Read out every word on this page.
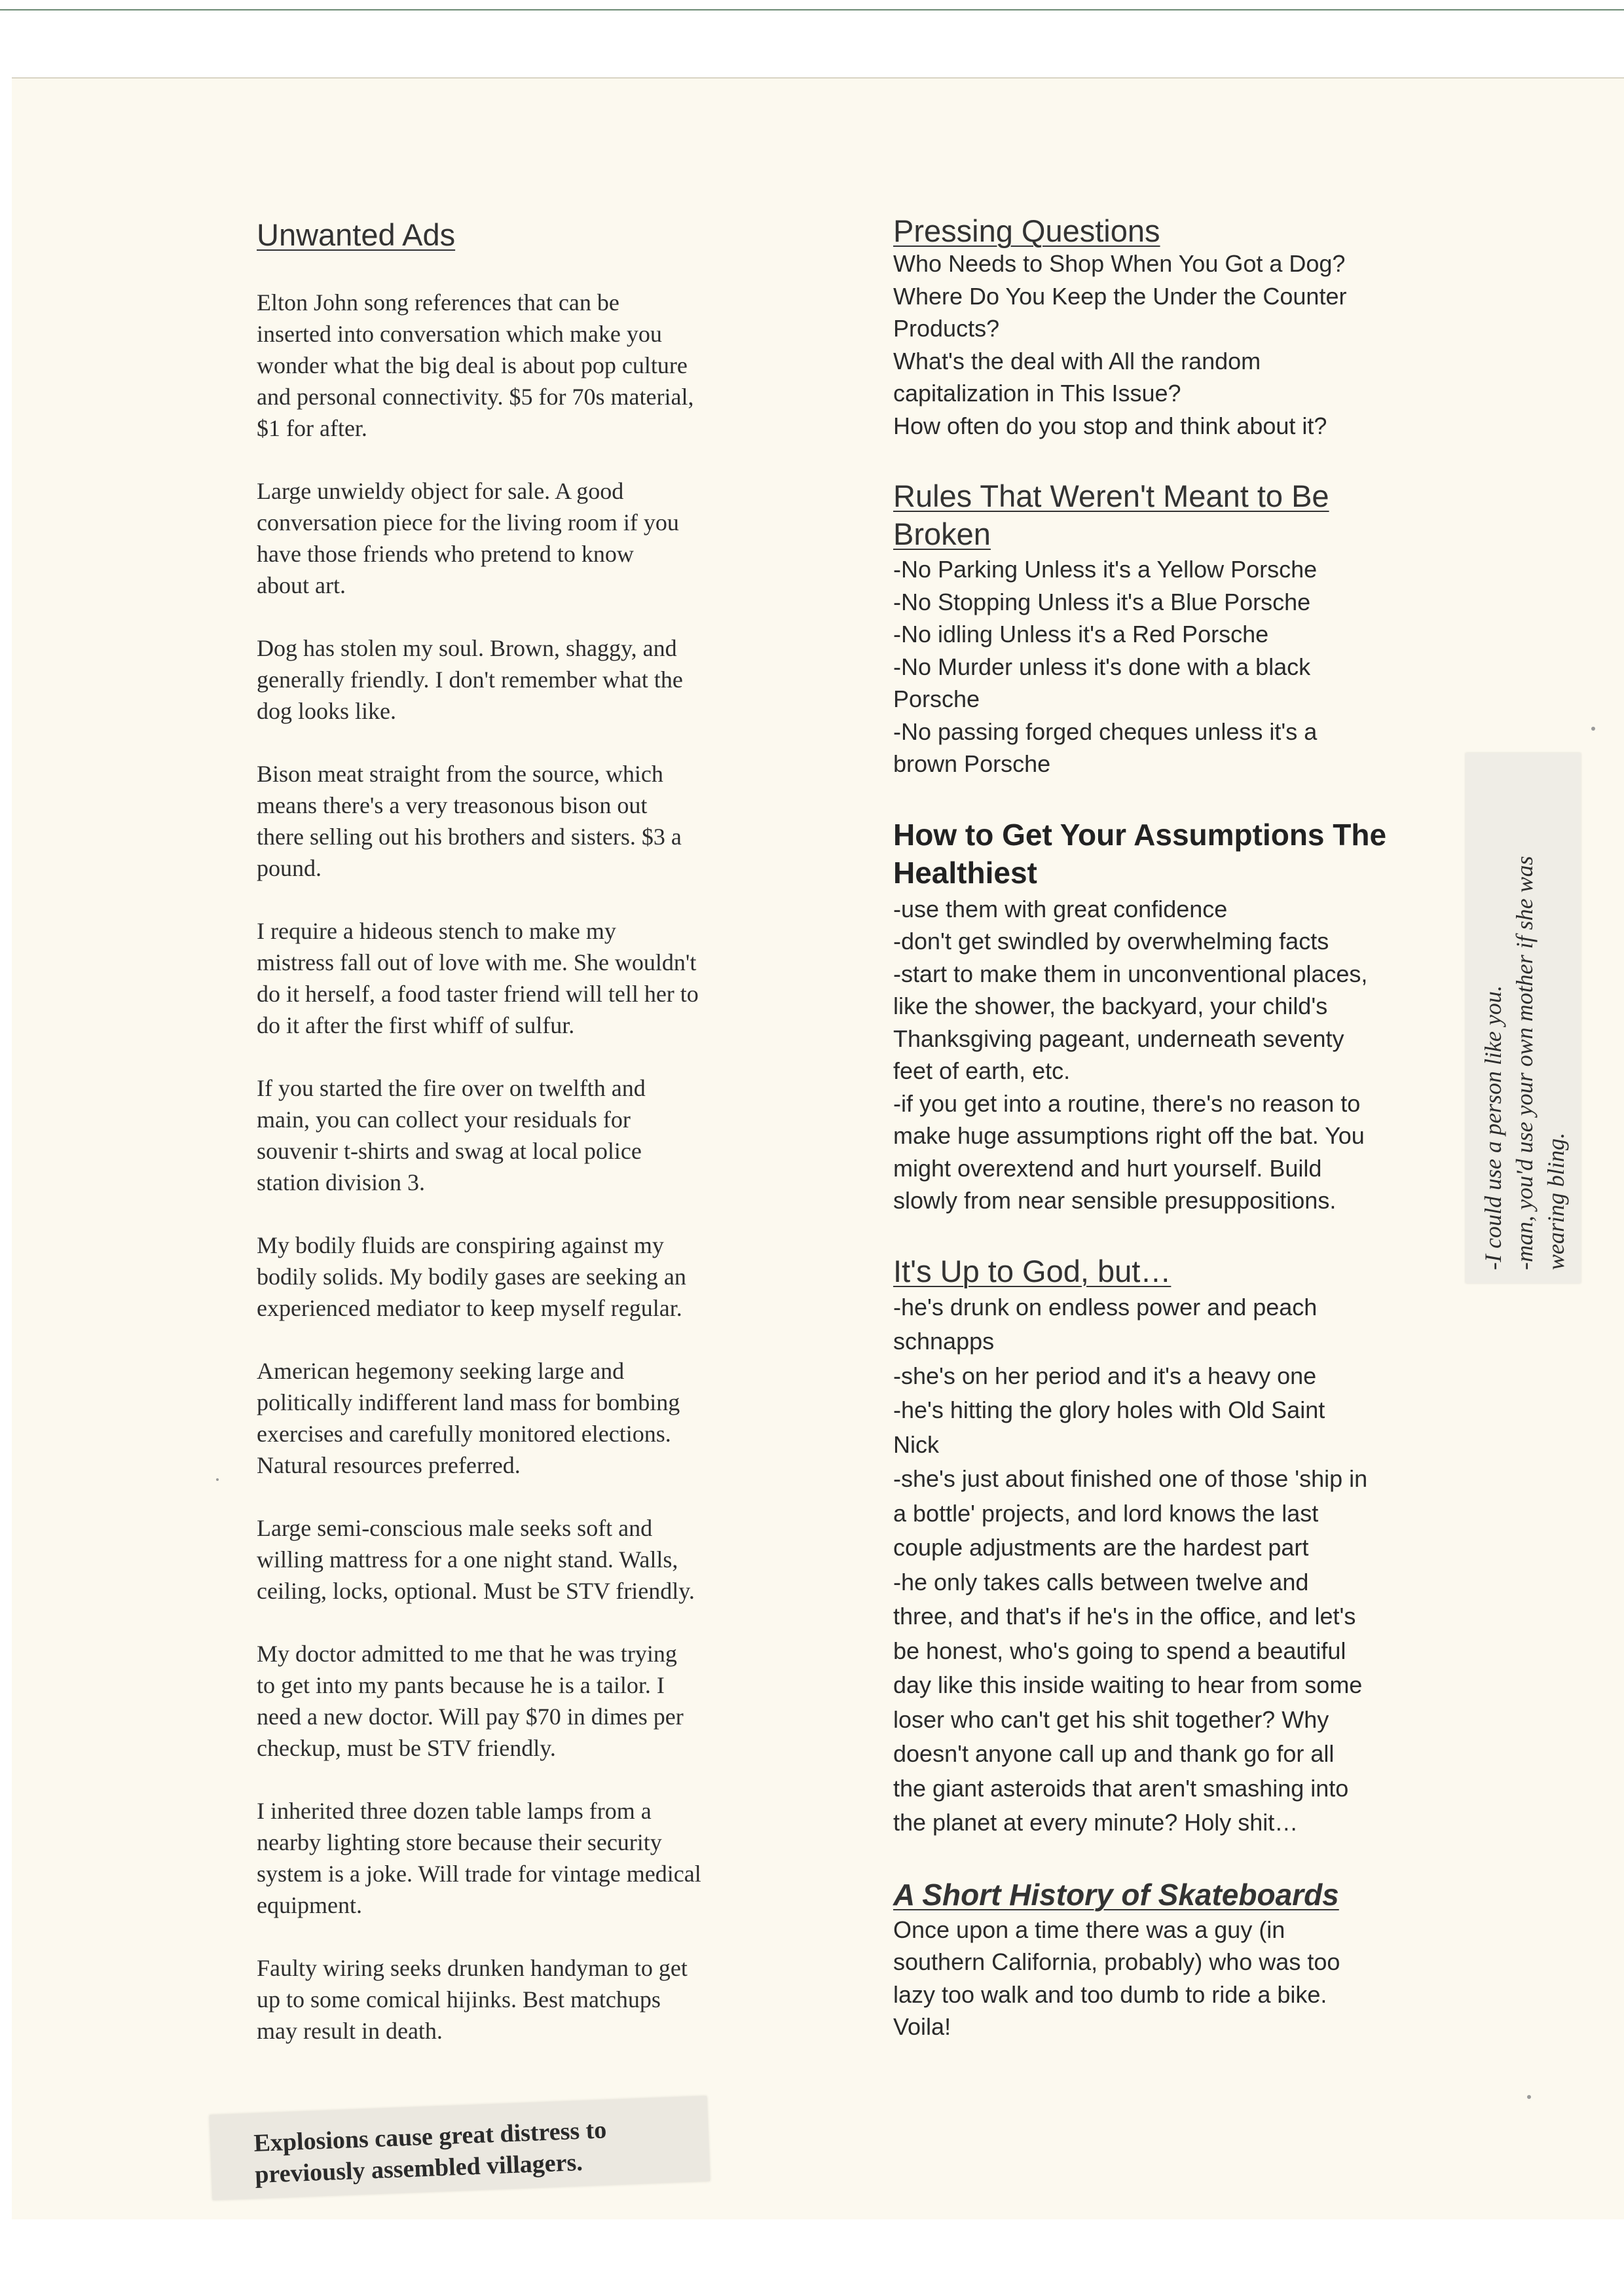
Unwanted Ads
Elton John song references that can be
inserted into conversation which make you
wonder what the big deal is about pop culture
and personal connectivity. $5 for 70s material,
$1 for after.
Large unwieldy object for sale. A good
conversation piece for the living room if you
have those friends who pretend to know
about art.
Dog has stolen my soul. Brown, shaggy, and
generally friendly. I don't remember what the
dog looks like.
Bison meat straight from the source, which
means there's a very treasonous bison out
there selling out his brothers and sisters. $3 a
pound.
I require a hideous stench to make my
mistress fall out of love with me. She wouldn't
do it herself, a food taster friend will tell her to
do it after the first whiff of sulfur.
If you started the fire over on twelfth and
main, you can collect your residuals for
souvenir t-shirts and swag at local police
station division 3.
My bodily fluids are conspiring against my
bodily solids. My bodily gases are seeking an
experienced mediator to keep myself regular.
American hegemony seeking large and
politically indifferent land mass for bombing
exercises and carefully monitored elections.
Natural resources preferred.
Large semi-conscious male seeks soft and
willing mattress for a one night stand. Walls,
ceiling, locks, optional. Must be STV friendly.
My doctor admitted to me that he was trying
to get into my pants because he is a tailor. I
need a new doctor. Will pay $70 in dimes per
checkup, must be STV friendly.
I inherited three dozen table lamps from a
nearby lighting store because their security
system is a joke. Will trade for vintage medical
equipment.
Faulty wiring seeks drunken handyman to get
up to some comical hijinks. Best matchups
may result in death.
Pressing Questions
Who Needs to Shop When You Got a Dog?
Where Do You Keep the Under the Counter
Products?
What's the deal with All the random
capitalization in This Issue?
How often do you stop and think about it?
Rules That Weren't Meant to Be
Broken
-No Parking Unless it's a Yellow Porsche
-No Stopping Unless it's a Blue Porsche
-No idling Unless it's a Red Porsche
-No Murder unless it's done with a black
Porsche
-No passing forged cheques unless it's a
brown Porsche
How to Get Your Assumptions The
Healthiest
-use them with great confidence
-don't get swindled by overwhelming facts
-start to make them in unconventional places,
like the shower, the backyard, your child's
Thanksgiving pageant, underneath seventy
feet of earth, etc.
-if you get into a routine, there's no reason to
make huge assumptions right off the bat. You
might overextend and hurt yourself. Build
slowly from near sensible presuppositions.
It's Up to God, but…
-he's drunk on endless power and peach
schnapps
-she's on her period and it's a heavy one
-he's hitting the glory holes with Old Saint
Nick
-she's just about finished one of those 'ship in
a bottle' projects, and lord knows the last
couple adjustments are the hardest part
-he only takes calls between twelve and
three, and that's if he's in the office, and let's
be honest, who's going to spend a beautiful
day like this inside waiting to hear from some
loser who can't get his shit together? Why
doesn't anyone call up and thank go for all
the giant asteroids that aren't smashing into
the planet at every minute? Holy shit…
A Short History of Skateboards
Once upon a time there was a guy (in
southern California, probably) who was too
lazy too walk and too dumb to ride a bike.
Voila!
Explosions cause great distress to
previously assembled villagers.
-I could use a person like you. -man, you'd use your own mother if she was wearing bling.
